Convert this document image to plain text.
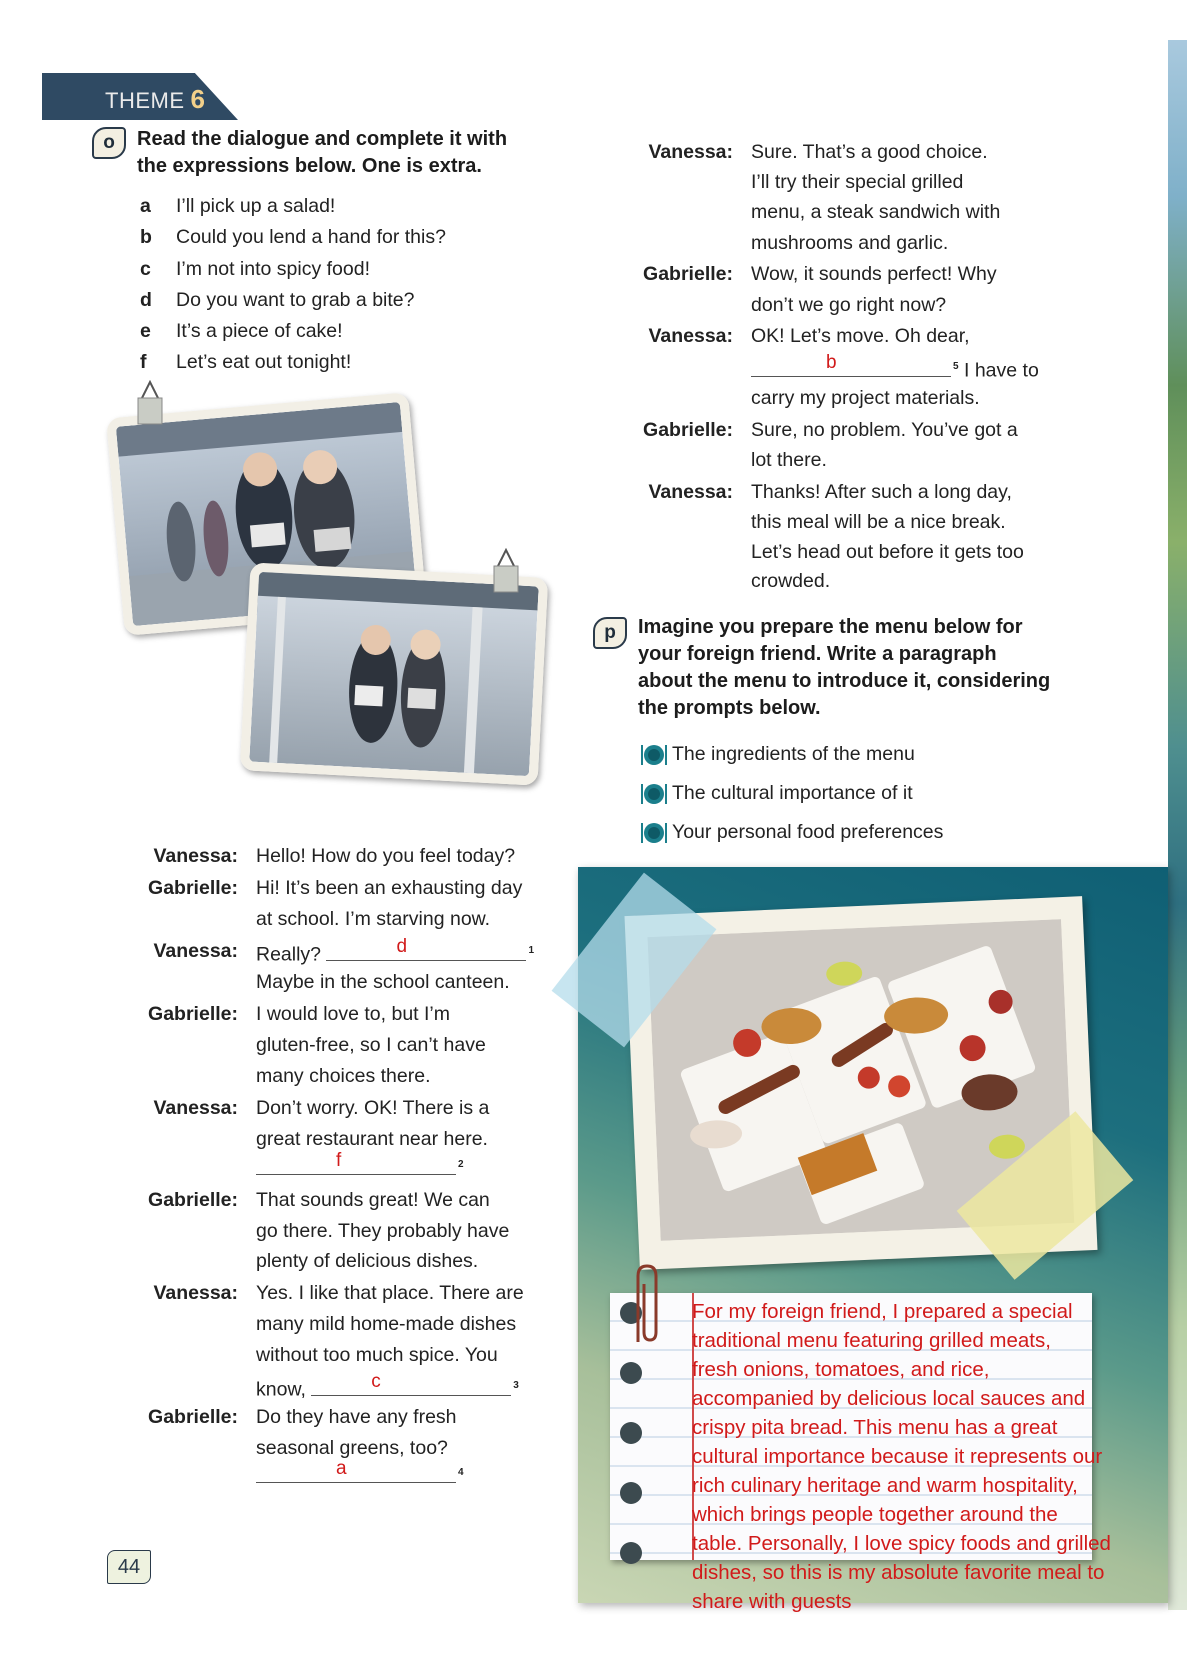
THEME 6
o	Read the dialogue and complete it with
the expressions below. One is extra.
a I’ll pick up a salad!
b Could you lend a hand for this?
c I’m not into spicy food!
d Do you want to grab a bite?
e It’s a piece of cake!
f Let’s eat out tonight!
Vanessa: Hello! How do you feel today?
Gabrielle: Hi! It’s been an exhausting day
at school. I’m starving now.
Vanessa: Really?	d	$^1$
Maybe in the school canteen.
Gabrielle: I would love to, but I’m
gluten-free, so I can’t have
many choices there.
Vanessa: Don’t worry. OK! There is a
great restaurant near here.
f	$^2$
Gabrielle: That sounds great! We can
go there. They probably have
plenty of delicious dishes.
Vanessa: Yes. I like that place. There are
many mild home-made dishes
without too much spice. You
know,	c	$^3$
Gabrielle: Do they have any fresh
seasonal greens, too?
a	$^4$
Vanessa: Sure. That’s a good choice.
I’ll try their special grilled
menu, a steak sandwich with
mushrooms and garlic.
Gabrielle: Wow, it sounds perfect! Why
don’t we go right now?
Vanessa: OK! Let’s move. Oh dear,
b	$^5$ I have to
carry my project materials.
Gabrielle: Sure, no problem. You’ve got a
lot there.
Vanessa: Thanks! After such a long day,
this meal will be a nice break.
Let’s head out before it gets too
crowded.
p	Imagine you prepare the menu below for
your foreign friend. Write a paragraph
about the menu to introduce it, considering
the prompts below.
The ingredients of the menu
The cultural importance of it
Your personal food preferences
For my foreign friend, I prepared a special
traditional menu featuring grilled meats,
fresh onions, tomatoes, and rice,
accompanied by delicious local sauces and
crispy pita bread. This menu has a great
cultural importance because it represents our
rich culinary heritage and warm hospitality,
which brings people together around the
table. Personally, I love spicy foods and grilled
dishes, so this is my absolute favorite meal to
share with guests
44
